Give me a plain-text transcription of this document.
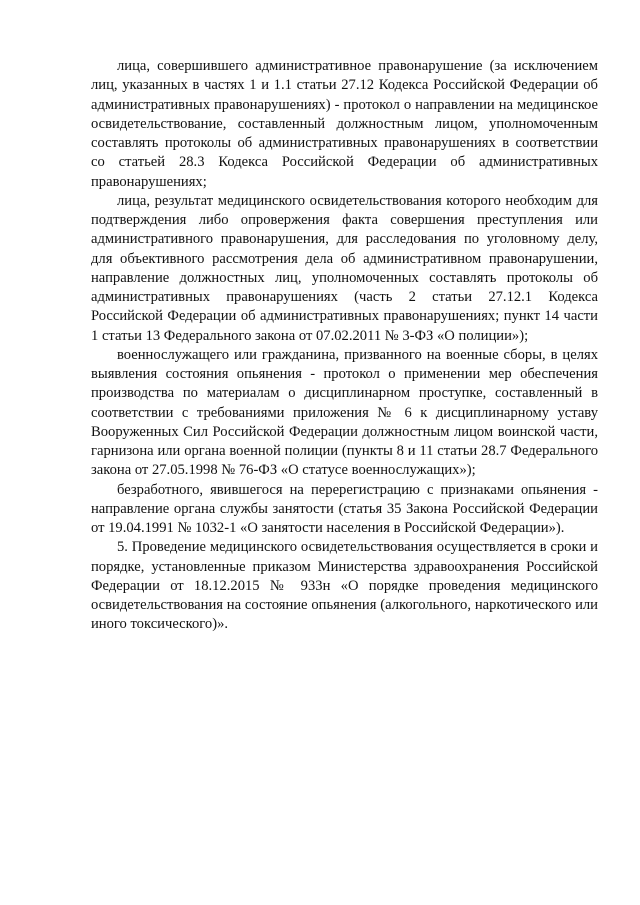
лица, совершившего административное правонарушение (за исключением лиц, указанных в частях 1 и 1.1 статьи 27.12 Кодекса Российской Федерации об административных правонарушениях) - протокол о направлении на медицинское освидетельствование, составленный должностным лицом, уполномоченным составлять протоколы об административных правонарушениях в соответствии со статьей 28.3 Кодекса Российской Федерации об административных правонарушениях;

лица, результат медицинского освидетельствования которого необходим для подтверждения либо опровержения факта совершения преступления или административного правонарушения, для расследования по уголовному делу, для объективного рассмотрения дела об административном правонарушении, направление должностных лиц, уполномоченных составлять протоколы об административных правонарушениях (часть 2 статьи 27.12.1 Кодекса Российской Федерации об административных правонарушениях; пункт 14 части 1 статьи 13 Федерального закона от 07.02.2011 № 3-ФЗ «О полиции»);

военнослужащего или гражданина, призванного на военные сборы, в целях выявления состояния опьянения - протокол о применении мер обеспечения производства по материалам о дисциплинарном проступке, составленный в соответствии с требованиями приложения № 6 к дисциплинарному уставу Вооруженных Сил Российской Федерации должностным лицом воинской части, гарнизона или органа военной полиции (пункты 8 и 11 статьи 28.7 Федерального закона от 27.05.1998 № 76-ФЗ «О статусе военнослужащих»);

безработного, явившегося на перерегистрацию с признаками опьянения - направление органа службы занятости (статья 35 Закона Российской Федерации от 19.04.1991 № 1032-1 «О занятости населения в Российской Федерации»).

5. Проведение медицинского освидетельствования осуществляется в сроки и порядке, установленные приказом Министерства здравоохранения Российской Федерации от 18.12.2015 № 933н «О порядке проведения медицинского освидетельствования на состояние опьянения (алкогольного, наркотического или иного токсического)».
